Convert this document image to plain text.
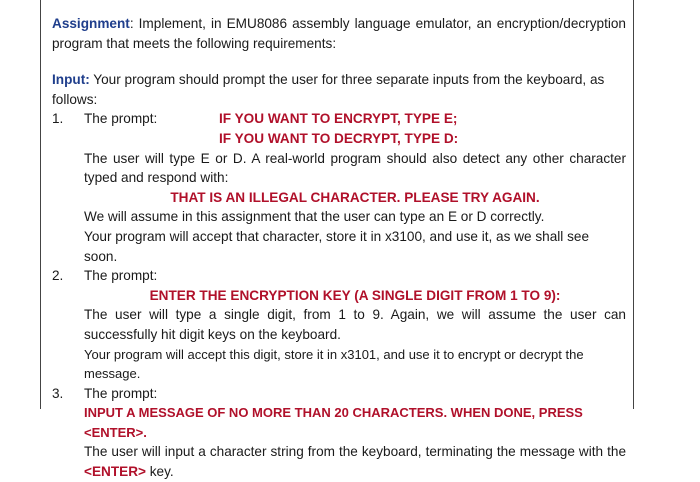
Assignment: Implement, in EMU8086 assembly language emulator, an encryption/decryption program that meets the following requirements:

Input: Your program should prompt the user for three separate inputs from the keyboard, as follows:

1.	The prompt:	IF YOU WANT TO ENCRYPT, TYPE E;
IF YOU WANT TO DECRYPT, TYPE D:

The user will type E or D. A real-world program should also detect any other character typed and respond with:

THAT IS AN ILLEGAL CHARACTER. PLEASE TRY AGAIN.

We will assume in this assignment that the user can type an E or D correctly.

Your program will accept that character, store it in x3100, and use it, as we shall see soon.

2.	The prompt:

ENTER THE ENCRYPTION KEY (A SINGLE DIGIT FROM 1 TO 9):

The user will type a single digit, from 1 to 9. Again, we will assume the user can successfully hit digit keys on the keyboard.

Your program will accept this digit, store it in x3101, and use it to encrypt or decrypt the message.

3.	The prompt:

INPUT A MESSAGE OF NO MORE THAN 20 CHARACTERS. WHEN DONE, PRESS <ENTER>.

The user will input a character string from the keyboard, terminating the message with the <ENTER> key.
